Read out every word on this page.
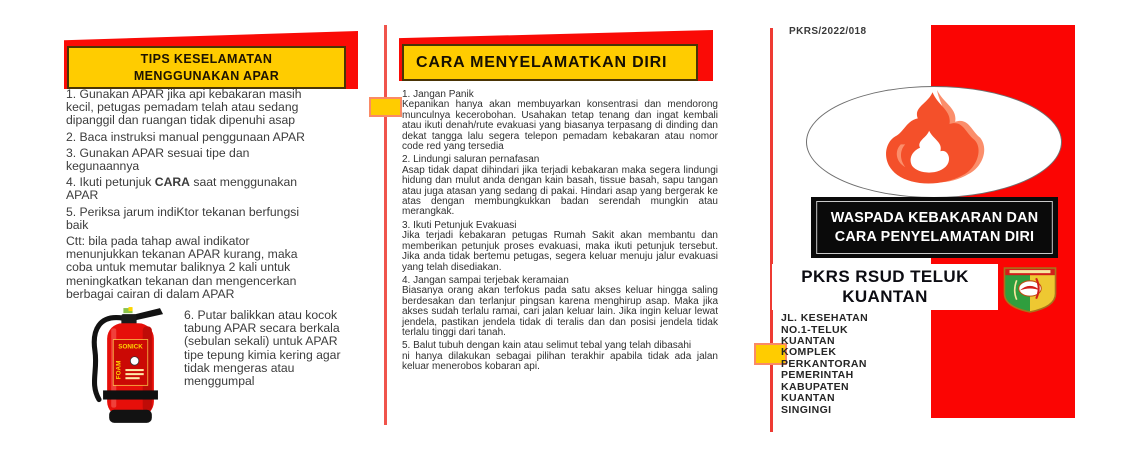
TIPS KESELAMATAN
MENGGUNAKAN APAR
1. Gunakan APAR jika api kebakaran masih kecil, petugas pemadam telah atau sedang dipanggil dan ruangan tidak dipenuhi asap
2. Baca instruksi manual penggunaan APAR
3. Gunakan APAR sesuai tipe dan kegunaannya
4. Ikuti petunjuk CARA saat menggunakan APAR
5. Periksa jarum indiKtor tekanan berfungsi baik
Ctt: bila pada tahap awal indikator menunjukkan tekanan APAR kurang, maka coba untuk memutar baliknya 2 kali untuk meningkatkan tekanan dan mengencerkan berbagai cairan di dalam APAR
SONICK
FOAM
6. Putar balikkan atau kocok tabung APAR secara berkala (sebulan sekali) untuk APAR tipe tepung kimia kering agar tidak mengeras atau menggumpal
CARA MENYELAMATKAN DIRI
1. Jangan Panik
Kepanikan hanya akan membuyarkan konsentrasi dan mendorong munculnya kecerobohan. Usahakan tetap tenang dan ingat kembali atau ikuti denah/rute evakuasi yang biasanya terpasang di dinding dan dekat tangga lalu segera telepon pemadam kebakaran atau nomor code red yang tersedia
2. Lindungi saluran pernafasan
Asap tidak dapat dihindari jika terjadi kebakaran maka segera lindungi hidung dan mulut anda dengan kain basah, tissue basah, sapu tangan atau juga atasan yang sedang di pakai. Hindari asap yang bergerak ke atas dengan membungkukkan badan serendah mungkin atau merangkak.
3. Ikuti Petunjuk Evakuasi
Jika terjadi kebakaran petugas Rumah Sakit akan membantu dan memberikan petunjuk proses evakuasi, maka ikuti petunjuk tersebut. Jika anda tidak bertemu petugas, segera keluar menuju jalur evakuasi yang telah disediakan.
4. Jangan sampai terjebak keramaian
Biasanya orang akan terfokus pada satu akses keluar hingga saling berdesakan dan terlanjur pingsan karena menghirup asap. Maka jika akses sudah terlalu ramai, cari jalan keluar lain. Jika ingin keluar lewat jendela, pastikan jendela tidak di teralis dan dan posisi jendela tidak terlalu tinggi dari tanah.
5. Balut tubuh dengan kain atau selimut tebal yang telah dibasahi
ni hanya dilakukan sebagai pilihan terakhir apabila tidak ada jalan keluar menerobos kobaran api.
PKRS/2022/018
WASPADA KEBAKARAN DAN
CARA PENYELAMATAN DIRI
PKRS RSUD TELUK
KUANTAN
JL. KESEHATAN
NO.1-TELUK
KUANTAN
KOMPLEK
PERKANTORAN
PEMERINTAH
KABUPATEN
KUANTAN
SINGINGI
